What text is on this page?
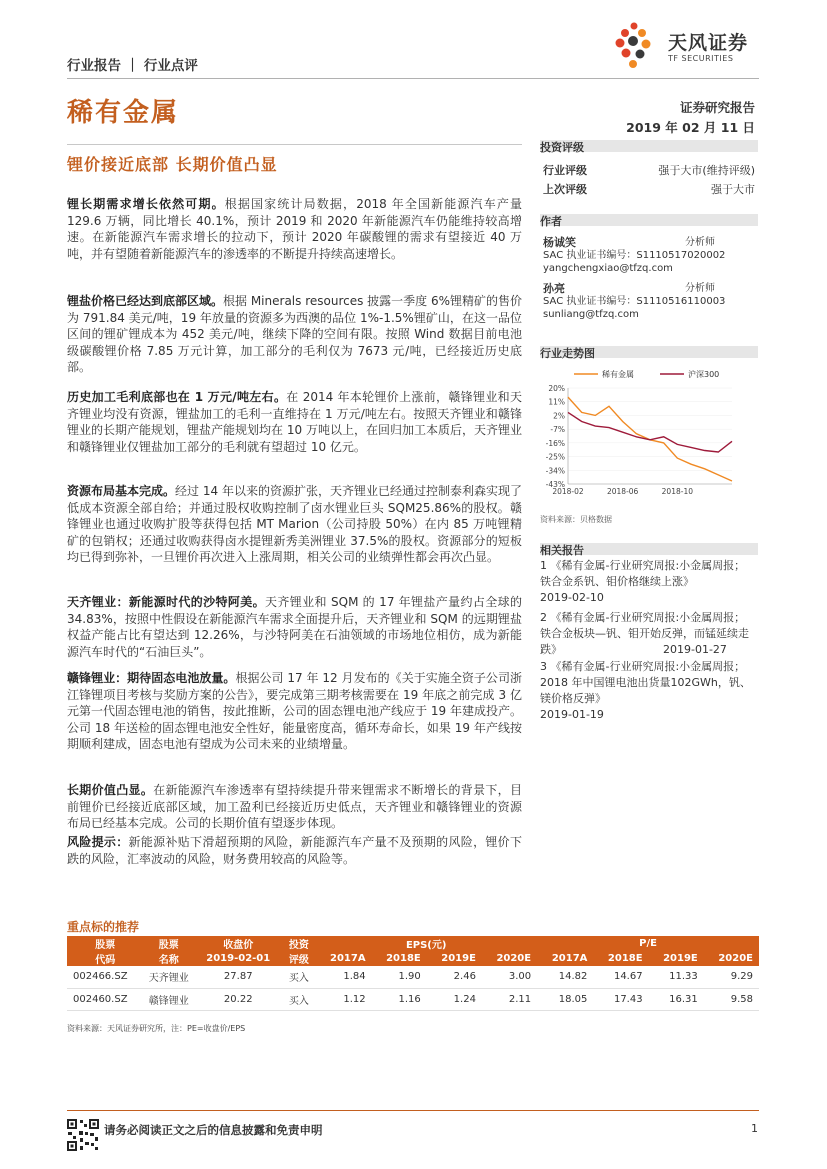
天风证券
TF SECURITIES
行业报告 ｜ 行业点评
稀有金属	证券研究报告
2019 年 02 月 11 日
锂价接近底部 长期价值凸显
投资评级
行业评级	强于大市(维持评级)
上次评级	强于大市
作者
杨诚笑	分析师
SAC 执业证书编号：S1110517020002
yangchengxiao@tfzq.com
孙亮	分析师
SAC 执业证书编号：S1110516110003
sunliang@tfzq.com
行业走势图
20%
11%
2%
-7%
-16%
-25%
-34%
-43%
2018-02	2018-06	2018-10
稀有金属	沪深300
资料来源：贝格数据
相关报告
1 《稀有金属-行业研究周报:小金属周报；铁合金系钒、钼价格继续上涨》
2019-02-10
2 《稀有金属-行业研究周报:小金属周报；铁合金板块—钒、钼开始反弹，而锰延续走跌》	2019-01-27
3 《稀有金属-行业研究周报:小金属周报；2018 年中国锂电池出货量102GWh，钒、镁价格反弹》
2019-01-19
锂长期需求增长依然可期。根据国家统计局数据，2018 年全国新能源汽车产量 129.6 万辆，同比增长 40.1%，预计 2019 和 2020 年新能源汽车仍能维持较高增速。在新能源汽车需求增长的拉动下，预计 2020 年碳酸锂的需求有望接近 40 万吨，并有望随着新能源汽车的渗透率的不断提升持续高速增长。
锂盐价格已经达到底部区域。根据 Minerals resources 披露一季度 6%锂精矿的售价为 791.84 美元/吨，19 年放量的资源多为西澳的品位 1%-1.5%锂矿山，在这一品位区间的锂矿锂成本为 452 美元/吨，继续下降的空间有限。按照 Wind 数据目前电池级碳酸锂价格 7.85 万元计算，加工部分的毛利仅为 7673 元/吨，已经接近历史底部。
历史加工毛利底部也在 1 万元/吨左右。在 2014 年本轮锂价上涨前，赣锋锂业和天齐锂业均没有资源，锂盐加工的毛利一直维持在 1 万元/吨左右。按照天齐锂业和赣锋锂业的长期产能规划，锂盐产能规划均在 10 万吨以上，在回归加工本质后，天齐锂业和赣锋锂业仅锂盐加工部分的毛利就有望超过 10 亿元。
资源布局基本完成。经过 14 年以来的资源扩张，天齐锂业已经通过控制泰利森实现了低成本资源全部自给；并通过股权收购控制了卤水锂业巨头 SQM25.86%的股权。赣锋锂业也通过收购扩股等获得包括 MT Marion（公司持股 50%）在内 85 万吨锂精矿的包销权；还通过收购获得卤水提锂新秀美洲锂业 37.5%的股权。资源部分的短板均已得到弥补，一旦锂价再次进入上涨周期，相关公司的业绩弹性都会再次凸显。
天齐锂业：新能源时代的沙特阿美。天齐锂业和 SQM 的 17 年锂盐产量约占全球的 34.83%，按照中性假设在新能源汽车需求全面提升后，天齐锂业和 SQM 的远期锂盐权益产能占比有望达到 12.26%，与沙特阿美在石油领域的市场地位相仿，成为新能源汽车时代的“石油巨头”。
赣锋锂业：期待固态电池放量。根据公司 17 年 12 月发布的《关于实施全资子公司浙江锋锂项目考核与奖励方案的公告》，要完成第三期考核需要在 19 年底之前完成 3 亿元第一代固态锂电池的销售，按此推断，公司的固态锂电池产线应于 19 年建成投产。公司 18 年送检的固态锂电池安全性好，能量密度高，循环寿命长，如果 19 年产线按期顺利建成，固态电池有望成为公司未来的业绩增量。
长期价值凸显。在新能源汽车渗透率有望持续提升带来锂需求不断增长的背景下，目前锂价已经接近底部区域，加工盈利已经接近历史低点，天齐锂业和赣锋锂业的资源布局已经基本完成。公司的长期价值有望逐步体现。
风险提示：新能源补贴下滑超预期的风险，新能源汽车产量不及预期的风险，锂价下跌的风险，汇率波动的风险，财务费用较高的风险等。
重点标的推荐
股票	股票	收盘价	投资	EPS(元)				P/E			
代码	名称	2019-02-01	评级	2017A	2018E	2019E	2020E	2017A	2018E	2019E	2020E
002466.SZ	天齐锂业	27.87	买入	1.84	1.90	2.46	3.00	14.82	14.67	11.33	9.29
002460.SZ	赣锋锂业	20.22	买入	1.12	1.16	1.24	2.11	18.05	17.43	16.31	9.58
资料来源：天风证券研究所，注：PE=收盘价/EPS
请务必阅读正文之后的信息披露和免责申明	1
